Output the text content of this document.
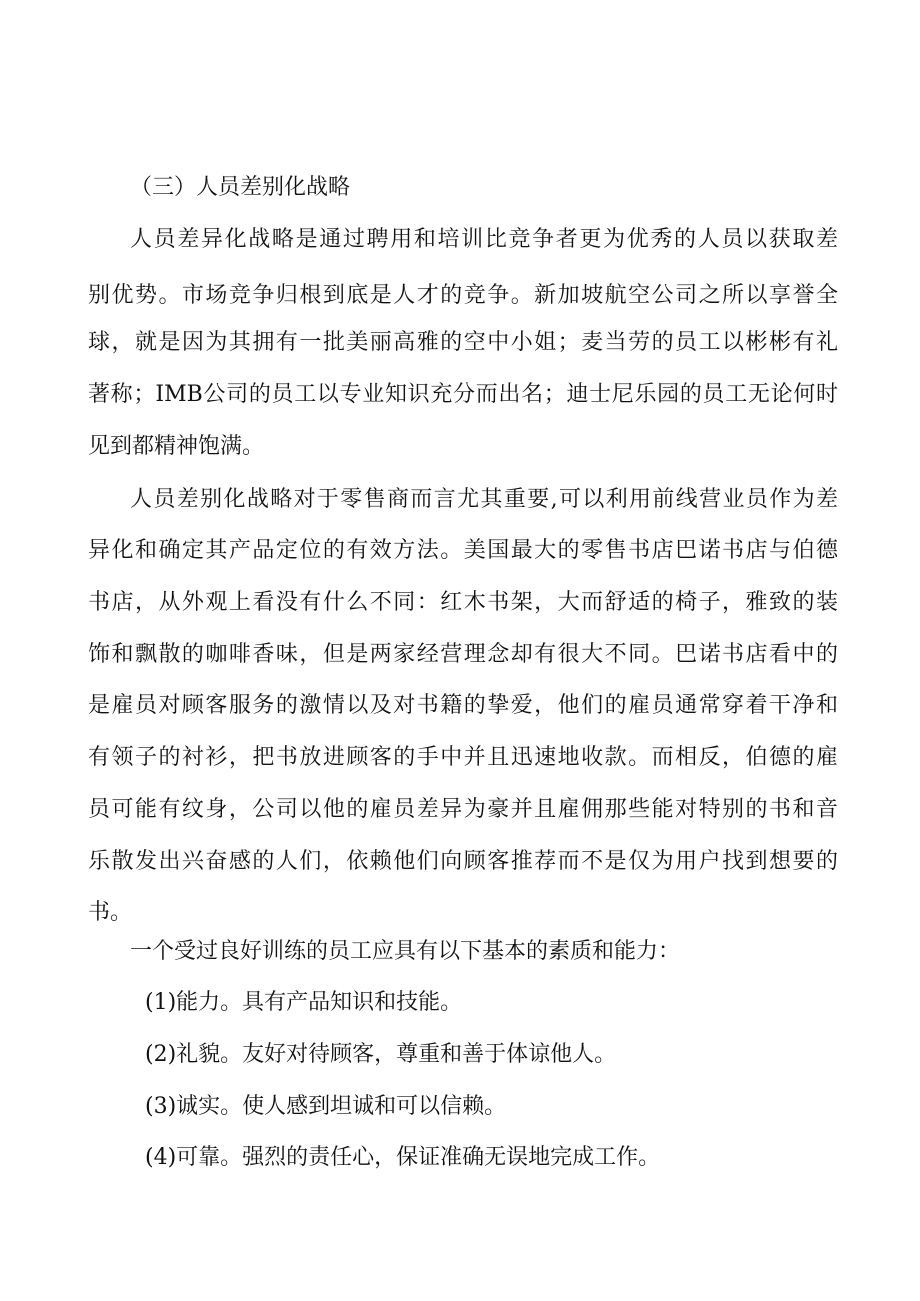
（三）人员差别化战略
人员差异化战略是通过聘用和培训比竞争者更为优秀的人员以获取差
别优势。市场竞争归根到底是人才的竞争。新加坡航空公司之所以享誉全
球，就是因为其拥有一批美丽高雅的空中小姐；麦当劳的员工以彬彬有礼
著称；IMB公司的员工以专业知识充分而出名；迪士尼乐园的员工无论何时
见到都精神饱满。
人员差别化战略对于零售商而言尤其重要,可以利用前线营业员作为差
异化和确定其产品定位的有效方法。美国最大的零售书店巴诺书店与伯德
书店，从外观上看没有什么不同：红木书架，大而舒适的椅子，雅致的装
饰和飘散的咖啡香味，但是两家经营理念却有很大不同。巴诺书店看中的
是雇员对顾客服务的激情以及对书籍的挚爱，他们的雇员通常穿着干净和
有领子的衬衫，把书放进顾客的手中并且迅速地收款。而相反，伯德的雇
员可能有纹身，公司以他的雇员差异为豪并且雇佣那些能对特别的书和音
乐散发出兴奋感的人们，依赖他们向顾客推荐而不是仅为用户找到想要的
书。
一个受过良好训练的员工应具有以下基本的素质和能力：
(1)能力。具有产品知识和技能。
(2)礼貌。友好对待顾客，尊重和善于体谅他人。
(3)诚实。使人感到坦诚和可以信赖。
(4)可靠。强烈的责任心，保证准确无误地完成工作。
